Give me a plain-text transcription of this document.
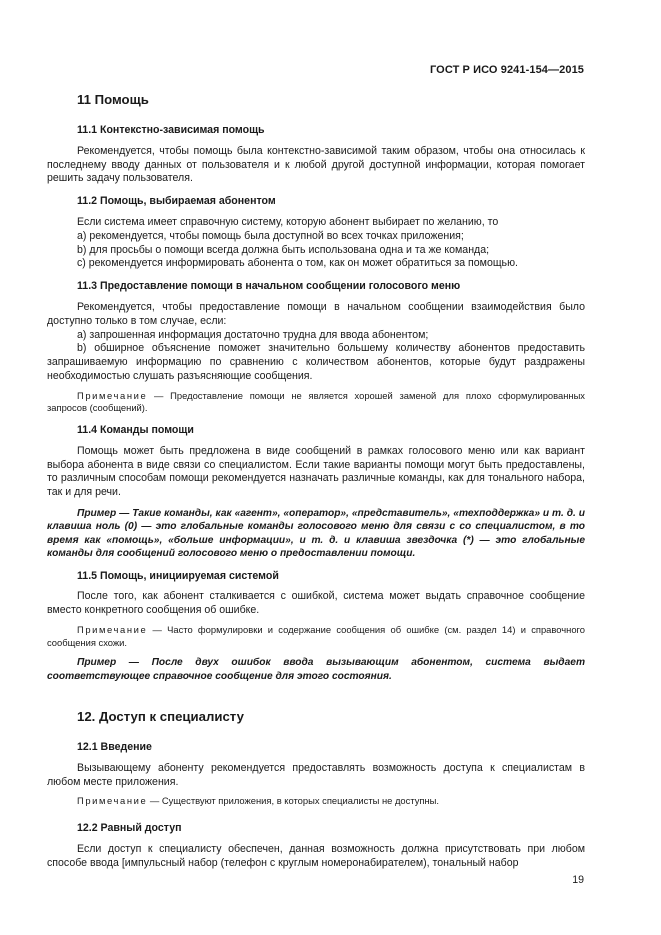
ГОСТ Р ИСО 9241-154—2015
11 Помощь
11.1 Контекстно-зависимая помощь

Рекомендуется, чтобы помощь была контекстно-зависимой таким образом, чтобы она относилась к последнему вводу данных от пользователя и к любой другой доступной информации, которая помогает решить задачу пользователя.

11.2 Помощь, выбираемая абонентом

Если система имеет справочную систему, которую абонент выбирает по желанию, то

а) рекомендуется, чтобы помощь была доступной во всех точках приложения;

b) для просьбы о помощи всегда должна быть использована одна и та же команда;

с) рекомендуется информировать абонента о том, как он может обратиться за помощью.

11.3 Предоставление помощи в начальном сообщении голосового меню

Рекомендуется, чтобы предоставление помощи в начальном сообщении взаимодействия было доступно только в том случае, если:

а) запрошенная информация достаточно трудна для ввода абонентом;

b) обширное объяснение поможет значительно большему количеству абонентов предоставить запрашиваемую информацию по сравнению с количеством абонентов, которые будут раздражены необходимостью слушать разъясняющие сообщения.

Примечание — Предоставление помощи не является хорошей заменой для плохо сформулированных запросов (сообщений).

11.4 Команды помощи

Помощь может быть предложена в виде сообщений в рамках голосового меню или как вариант выбора абонента в виде связи со специалистом. Если такие варианты помощи могут быть предоставлены, то различным способам помощи рекомендуется назначать различные команды, как для тонального набора, так и для речи.

Пример — Такие команды, как «агент», «оператор», «представитель», «техподдержка» и т. д. и клавиша ноль (0) — это глобальные команды голосового меню для связи с со специалистом, в то время как «помощь», «больше информации», и т. д. и клавиша звездочка (*) — это глобальные команды для сообщений голосового меню о предоставлении помощи.

11.5 Помощь, инициируемая системой

После того, как абонент сталкивается с ошибкой, система может выдать справочное сообщение вместо конкретного сообщения об ошибке.

Примечание — Часто формулировки и содержание сообщения об ошибке (см. раздел 14) и справочного сообщения схожи.

Пример — После двух ошибок ввода вызывающим абонентом, система выдает соответствующее справочное сообщение для этого состояния.

12. Доступ к специалисту
12.1 Введение

Вызывающему абоненту рекомендуется предоставлять возможность доступа к специалистам в любом месте приложения.

Примечание — Существуют приложения, в которых специалисты не доступны.

12.2 Равный доступ

Если доступ к специалисту обеспечен, данная возможность должна присутствовать при любом способе ввода [импульсный набор (телефон с круглым номеронабирателем), тональный набор

19
